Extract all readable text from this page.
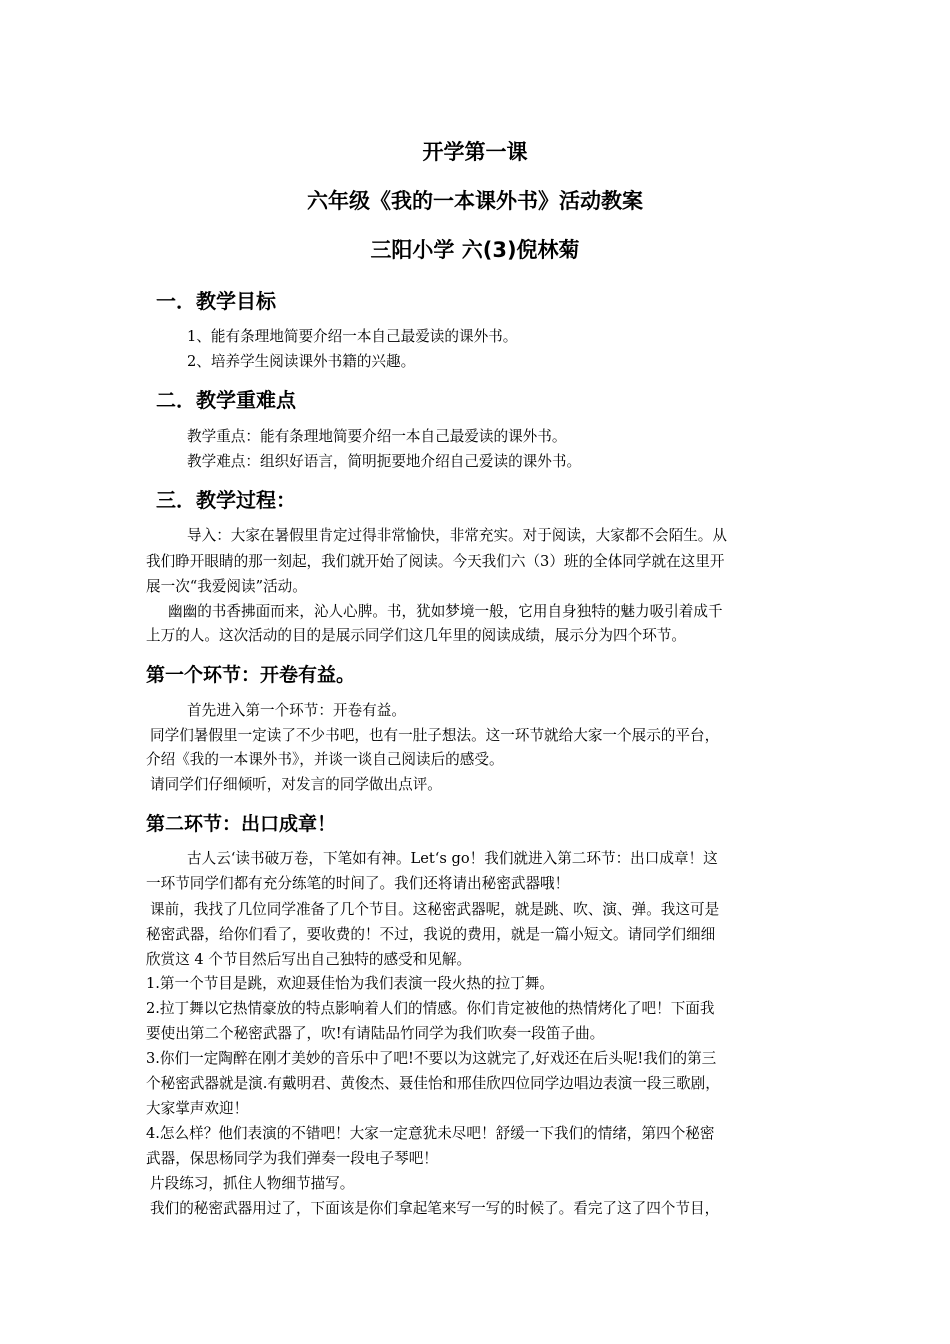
开学第一课
六年级《我的一本课外书》活动教案
三阳小学 六(3)倪林菊
一．教学目标
1、能有条理地简要介绍一本自己最爱读的课外书。
2、培养学生阅读课外书籍的兴趣。
二．教学重难点
教学重点：能有条理地简要介绍一本自己最爱读的课外书。
教学难点：组织好语言，简明扼要地介绍自己爱读的课外书。
三．教学过程：
导入：大家在暑假里肯定过得非常愉快，非常充实。对于阅读，大家都不会陌生。从
我们睁开眼睛的那一刻起，我们就开始了阅读。今天我们六（3）班的全体同学就在这里开
展一次“我爱阅读”活动。
幽幽的书香拂面而来，沁人心脾。书，犹如梦境一般，它用自身独特的魅力吸引着成千
上万的人。这次活动的目的是展示同学们这几年里的阅读成绩，展示分为四个环节。
第一个环节：开卷有益。
首先进入第一个环节：开卷有益。
同学们暑假里一定读了不少书吧，也有一肚子想法。这一环节就给大家一个展示的平台，
介绍《我的一本课外书》，并谈一谈自己阅读后的感受。
请同学们仔细倾听，对发言的同学做出点评。
第二环节：出口成章！
古人云‘读书破万卷，下笔如有神。Let‘s go！我们就进入第二环节：出口成章！这
一环节同学们都有充分练笔的时间了。我们还将请出秘密武器哦！
课前，我找了几位同学准备了几个节目。这秘密武器呢，就是跳、吹、演、弹。我这可是
秘密武器，给你们看了，要收费的！不过，我说的费用，就是一篇小短文。请同学们细细
欣赏这 4 个节目然后写出自己独特的感受和见解。
1.第一个节目是跳，欢迎聂佳怡为我们表演一段火热的拉丁舞。
2.拉丁舞以它热情豪放的特点影响着人们的情感。你们肯定被他的热情烤化了吧！下面我
要使出第二个秘密武器了，吹!有请陆品竹同学为我们吹奏一段笛子曲。
3.你们一定陶醉在刚才美妙的音乐中了吧!不要以为这就完了,好戏还在后头呢!我们的第三
个秘密武器就是演.有戴明君、黄俊杰、聂佳怡和邢佳欣四位同学边唱边表演一段三歌剧，
大家掌声欢迎！
4.怎么样？他们表演的不错吧！大家一定意犹未尽吧！舒缓一下我们的情绪，第四个秘密
武器，保思杨同学为我们弹奏一段电子琴吧！
片段练习，抓住人物细节描写。
我们的秘密武器用过了，下面该是你们拿起笔来写一写的时候了。看完了这了四个节目，
